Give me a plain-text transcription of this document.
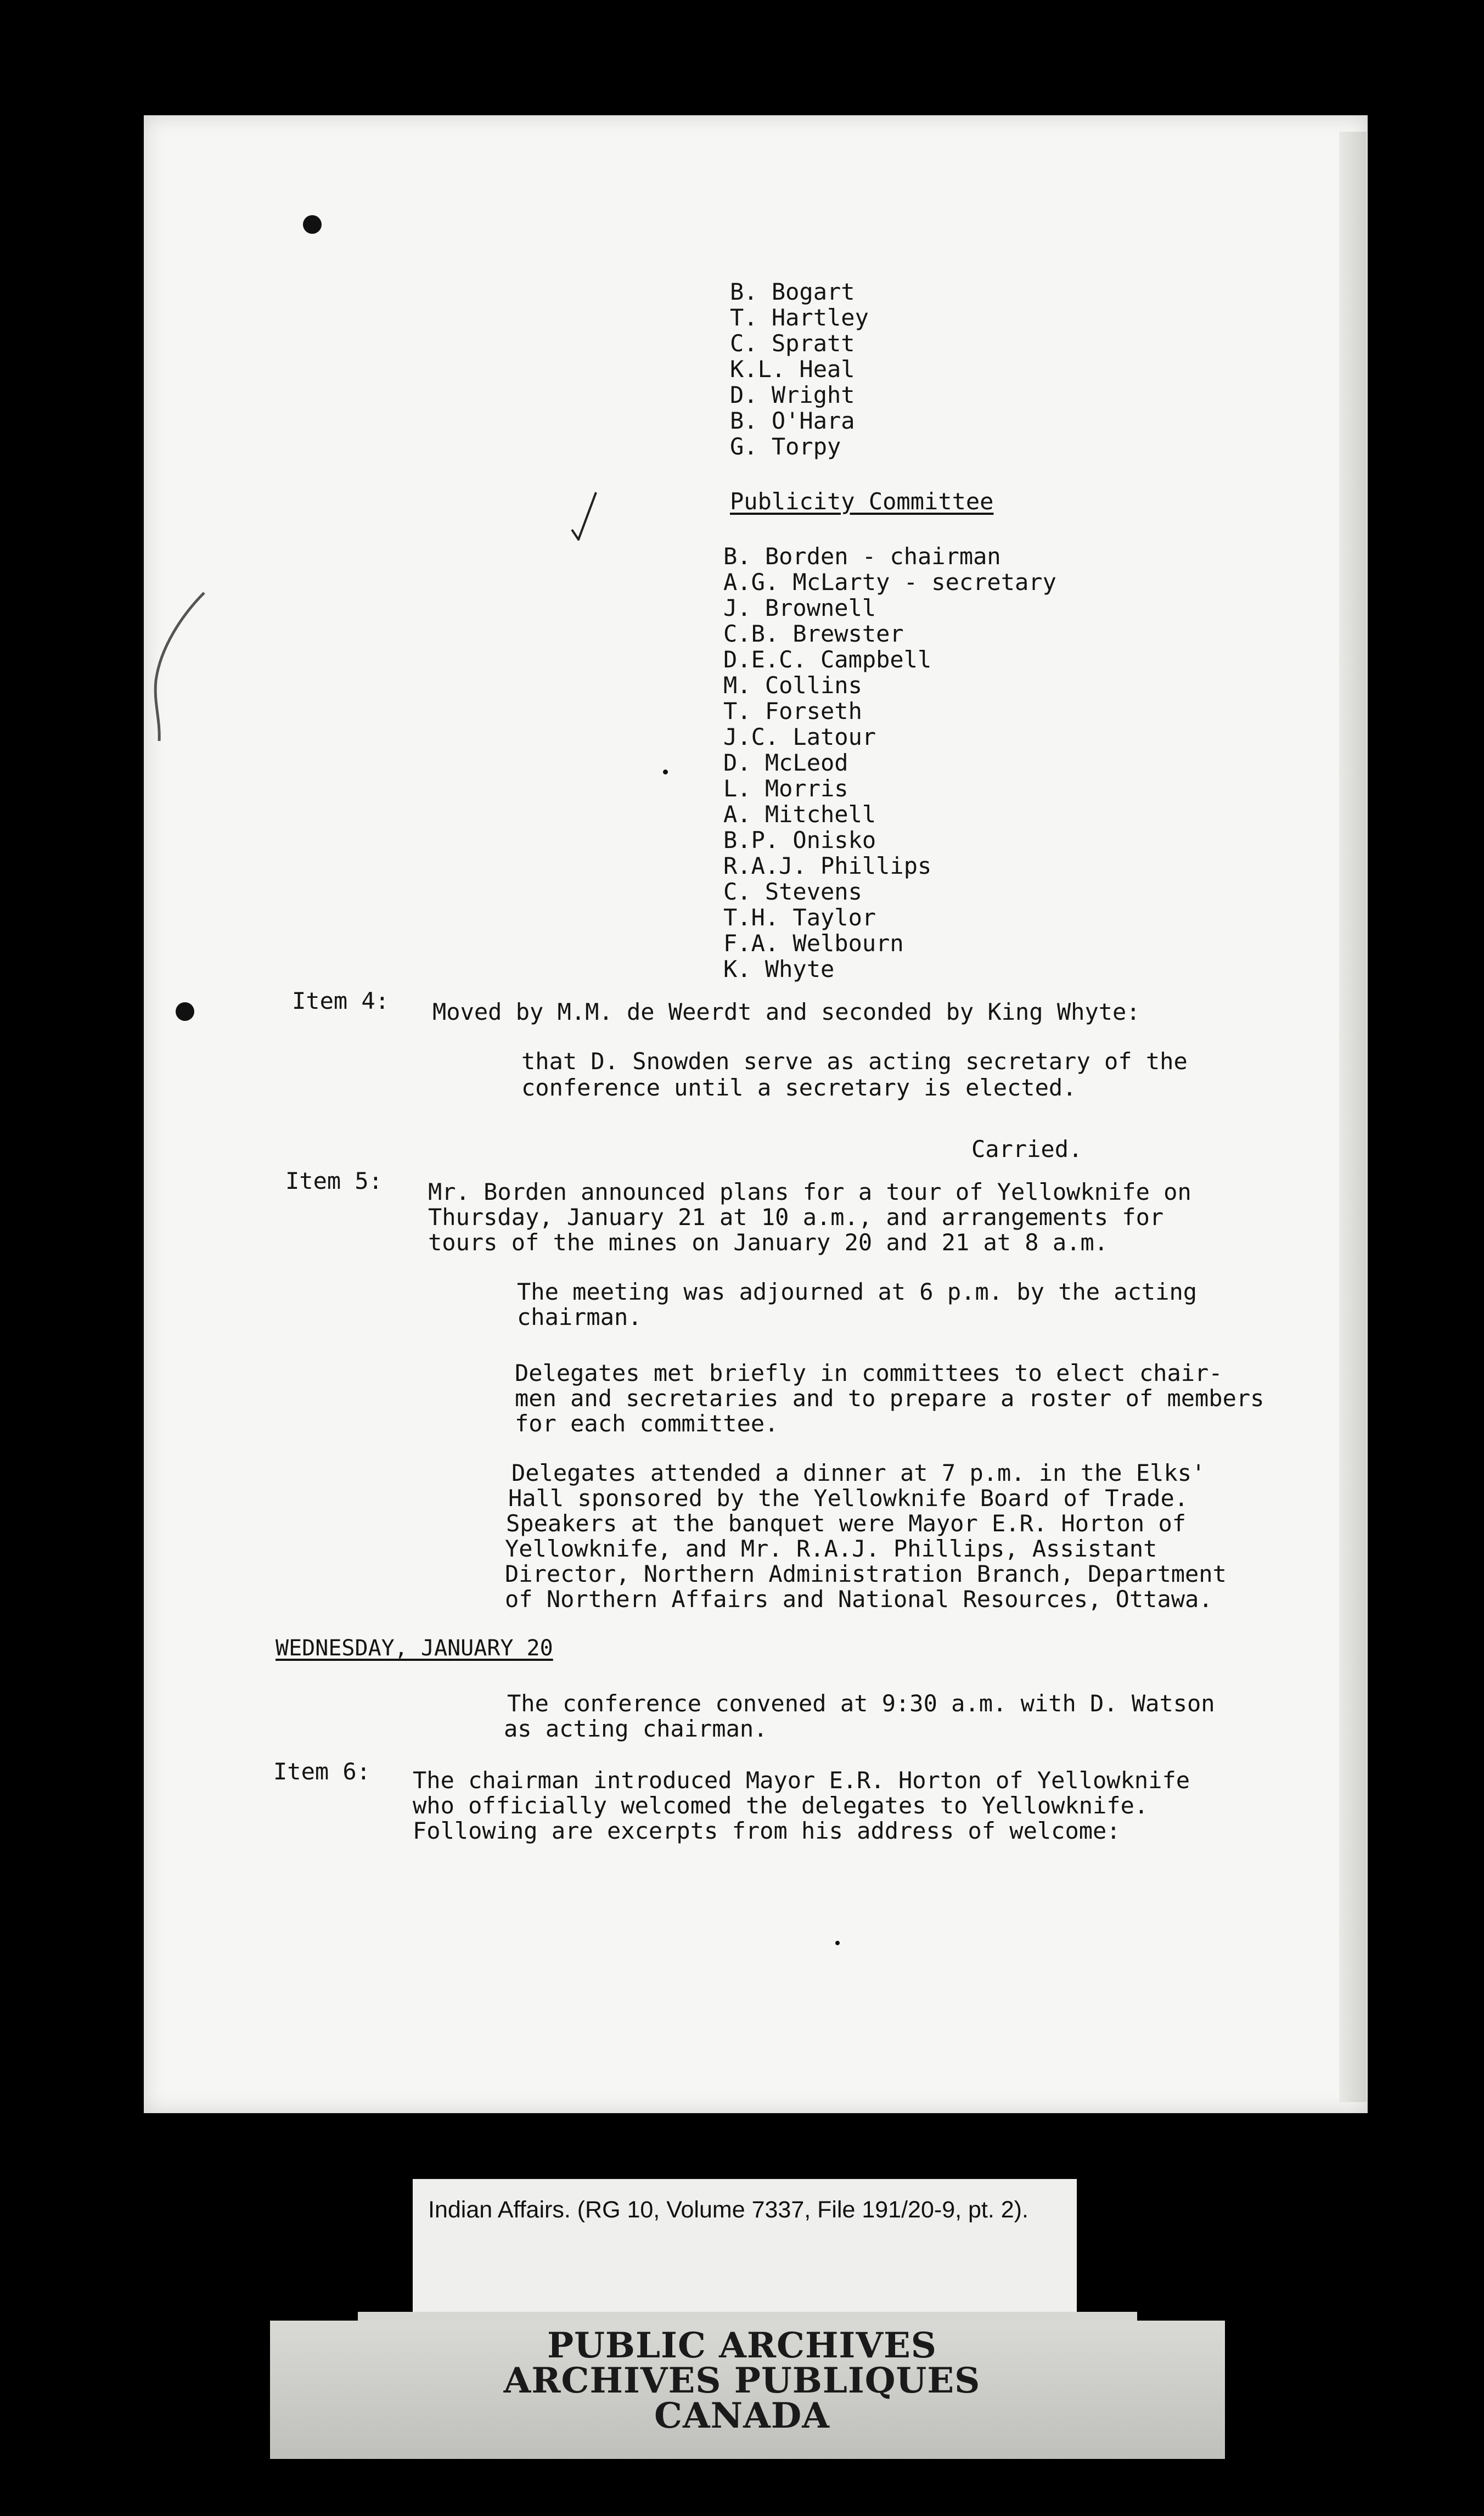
B. Bogart
T. Hartley
C. Spratt
K.L. Heal
D. Wright
B. O'Hara
G. Torpy
Publicity Committee
B. Borden - chairman
A.G. McLarty - secretary
J. Brownell
C.B. Brewster
D.E.C. Campbell
M. Collins
T. Forseth
J.C. Latour
D. McLeod
L. Morris
A. Mitchell
B.P. Onisko
R.A.J. Phillips
C. Stevens
T.H. Taylor
F.A. Welbourn
K. Whyte
Item 4: Moved by M.M. de Weerdt and seconded by King Whyte:
that D. Snowden serve as acting secretary of the
conference until a secretary is elected.
Carried.
Item 5: Mr. Borden announced plans for a tour of Yellowknife on
Thursday, January 21 at 10 a.m., and arrangements for
tours of the mines on January 20 and 21 at 8 a.m.
The meeting was adjourned at 6 p.m. by the acting
chairman.
Delegates met briefly in committees to elect chair-
men and secretaries and to prepare a roster of members
for each committee.
Delegates attended a dinner at 7 p.m. in the Elks'
Hall sponsored by the Yellowknife Board of Trade.
Speakers at the banquet were Mayor E.R. Horton of
Yellowknife, and Mr. R.A.J. Phillips, Assistant
Director, Northern Administration Branch, Department
of Northern Affairs and National Resources, Ottawa.
WEDNESDAY, JANUARY 20
The conference convened at 9:30 a.m. with D. Watson
as acting chairman.
Item 6: The chairman introduced Mayor E.R. Horton of Yellowknife
who officially welcomed the delegates to Yellowknife.
Following are excerpts from his address of welcome:
Indian Affairs. (RG 10, Volume 7337, File 191/20-9, pt. 2).
PUBLIC ARCHIVES
ARCHIVES PUBLIQUES
CANADA
